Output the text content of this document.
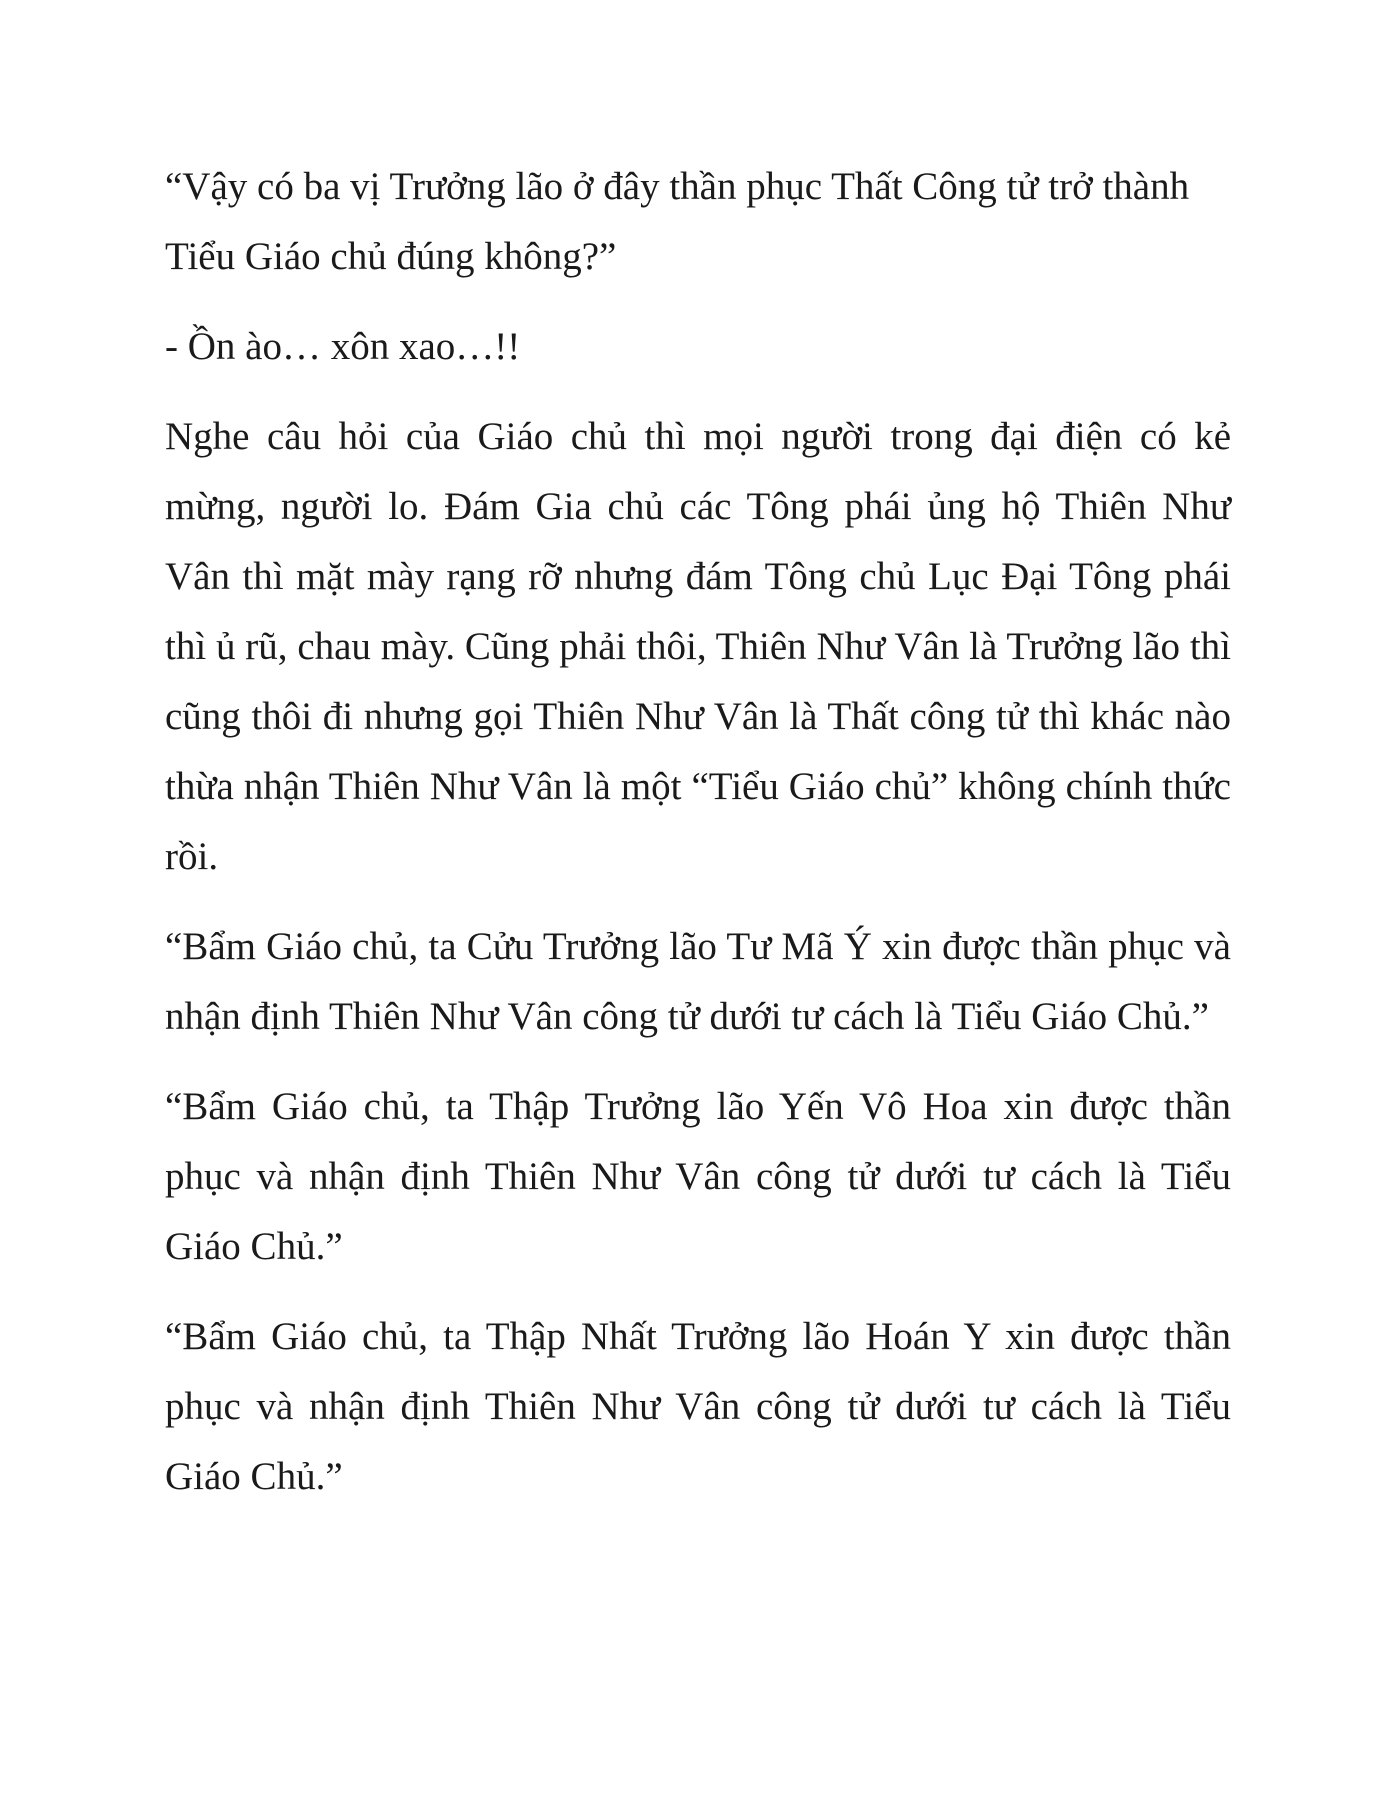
“Vậy có ba vị Trưởng lão ở đây thần phục Thất Công tử trở thành Tiểu Giáo chủ đúng không?”

- Ồn ào… xôn xao…!!

Nghe câu hỏi của Giáo chủ thì mọi người trong đại điện có kẻ mừng, người lo. Đám Gia chủ các Tông phái ủng hộ Thiên Như Vân thì mặt mày rạng rỡ nhưng đám Tông chủ Lục Đại Tông phái thì ủ rũ, chau mày. Cũng phải thôi, Thiên Như Vân là Trưởng lão thì cũng thôi đi nhưng gọi Thiên Như Vân là Thất công tử thì khác nào thừa nhận Thiên Như Vân là một “Tiểu Giáo chủ” không chính thức rồi.

“Bẩm Giáo chủ, ta Cửu Trưởng lão Tư Mã Ý xin được thần phục và nhận định Thiên Như Vân công tử dưới tư cách là Tiểu Giáo Chủ.”

“Bẩm Giáo chủ, ta Thập Trưởng lão Yến Vô Hoa xin được thần phục và nhận định Thiên Như Vân công tử dưới tư cách là Tiểu Giáo Chủ.”

“Bẩm Giáo chủ, ta Thập Nhất Trưởng lão Hoán Y xin được thần phục và nhận định Thiên Như Vân công tử dưới tư cách là Tiểu Giáo Chủ.”
